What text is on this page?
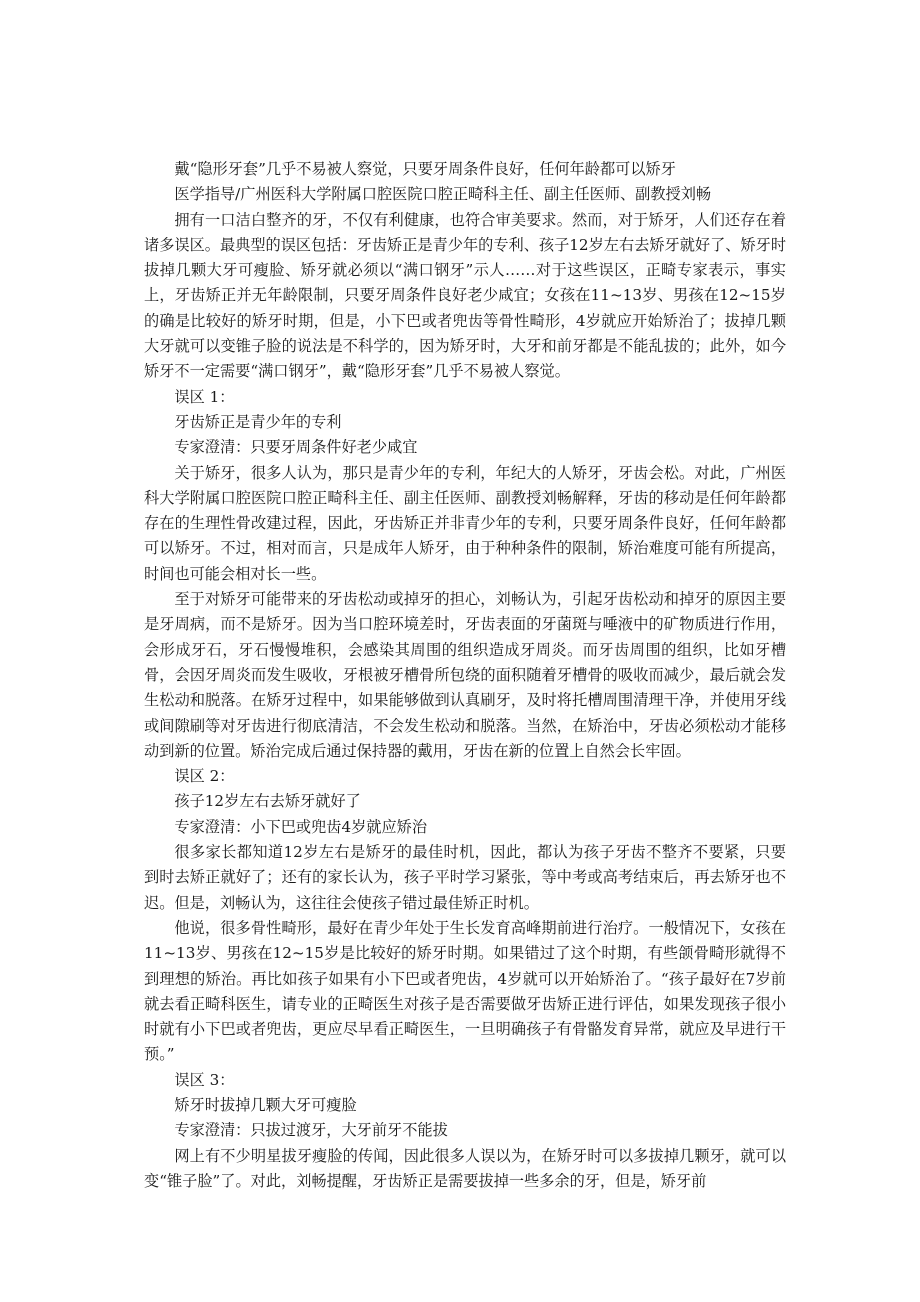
戴“隐形牙套”几乎不易被人察觉，只要牙周条件良好，任何年龄都可以矫牙

医学指导/广州医科大学附属口腔医院口腔正畸科主任、副主任医师、副教授刘畅

拥有一口洁白整齐的牙，不仅有利健康，也符合审美要求。然而，对于矫牙，人们还存在着诸多误区。最典型的误区包括：牙齿矫正是青少年的专利、孩子12岁左右去矫牙就好了、矫牙时拔掉几颗大牙可瘦脸、矫牙就必须以“满口钢牙”示人……对于这些误区，正畸专家表示，事实上，牙齿矫正并无年龄限制，只要牙周条件良好老少咸宜；女孩在11~13岁、男孩在12~15岁的确是比较好的矫牙时期，但是，小下巴或者兜齿等骨性畸形，4岁就应开始矫治了；拔掉几颗大牙就可以变锥子脸的说法是不科学的，因为矫牙时，大牙和前牙都是不能乱拔的；此外，如今矫牙不一定需要“满口钢牙”，戴“隐形牙套”几乎不易被人察觉。

误区 1：

牙齿矫正是青少年的专利

专家澄清：只要牙周条件好老少咸宜

关于矫牙，很多人认为，那只是青少年的专利，年纪大的人矫牙，牙齿会松。对此，广州医科大学附属口腔医院口腔正畸科主任、副主任医师、副教授刘畅解释，牙齿的移动是任何年龄都存在的生理性骨改建过程，因此，牙齿矫正并非青少年的专利，只要牙周条件良好，任何年龄都可以矫牙。不过，相对而言，只是成年人矫牙，由于种种条件的限制，矫治难度可能有所提高，时间也可能会相对长一些。

至于对矫牙可能带来的牙齿松动或掉牙的担心，刘畅认为，引起牙齿松动和掉牙的原因主要是牙周病，而不是矫牙。因为当口腔环境差时，牙齿表面的牙菌斑与唾液中的矿物质进行作用，会形成牙石，牙石慢慢堆积，会感染其周围的组织造成牙周炎。而牙齿周围的组织，比如牙槽骨，会因牙周炎而发生吸收，牙根被牙槽骨所包绕的面积随着牙槽骨的吸收而减少，最后就会发生松动和脱落。在矫牙过程中，如果能够做到认真刷牙，及时将托槽周围清理干净，并使用牙线或间隙刷等对牙齿进行彻底清洁，不会发生松动和脱落。当然，在矫治中，牙齿必须松动才能移动到新的位置。矫治完成后通过保持器的戴用，牙齿在新的位置上自然会长牢固。

误区 2：

孩子12岁左右去矫牙就好了

专家澄清：小下巴或兜齿4岁就应矫治

很多家长都知道12岁左右是矫牙的最佳时机，因此，都认为孩子牙齿不整齐不要紧，只要到时去矫正就好了；还有的家长认为，孩子平时学习紧张，等中考或高考结束后，再去矫牙也不迟。但是，刘畅认为，这往往会使孩子错过最佳矫正时机。

他说，很多骨性畸形，最好在青少年处于生长发育高峰期前进行治疗。一般情况下，女孩在11~13岁、男孩在12~15岁是比较好的矫牙时期。如果错过了这个时期，有些颌骨畸形就得不到理想的矫治。再比如孩子如果有小下巴或者兜齿，4岁就可以开始矫治了。“孩子最好在7岁前就去看正畸科医生，请专业的正畸医生对孩子是否需要做牙齿矫正进行评估，如果发现孩子很小时就有小下巴或者兜齿，更应尽早看正畸医生，一旦明确孩子有骨骼发育异常，就应及早进行干预。”

误区 3：

矫牙时拔掉几颗大牙可瘦脸

专家澄清：只拔过渡牙，大牙前牙不能拔

网上有不少明星拔牙瘦脸的传闻，因此很多人误以为，在矫牙时可以多拔掉几颗牙，就可以变“锥子脸”了。对此，刘畅提醒，牙齿矫正是需要拔掉一些多余的牙，但是，矫牙前
